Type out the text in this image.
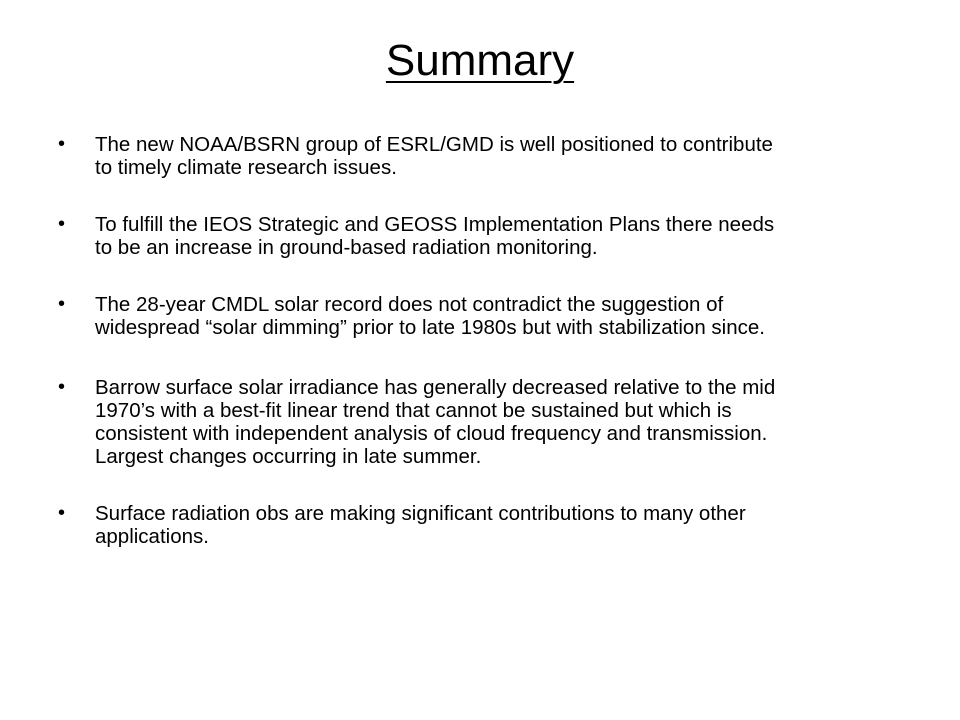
Summary
• The new NOAA/BSRN group of ESRL/GMD is well positioned to contribute
to timely climate research issues.
• To fulfill the IEOS Strategic and GEOSS Implementation Plans there needs
to be an increase in ground-based radiation monitoring.
• The 28-year CMDL solar record does not contradict the suggestion of
widespread “solar dimming” prior to late 1980s but with stabilization since.
• Barrow surface solar irradiance has generally decreased relative to the mid
1970’s with a best-fit linear trend that cannot be sustained but which is
consistent with independent analysis of cloud frequency and transmission.
Largest changes occurring in late summer.
• Surface radiation obs are making significant contributions to many other
applications.
